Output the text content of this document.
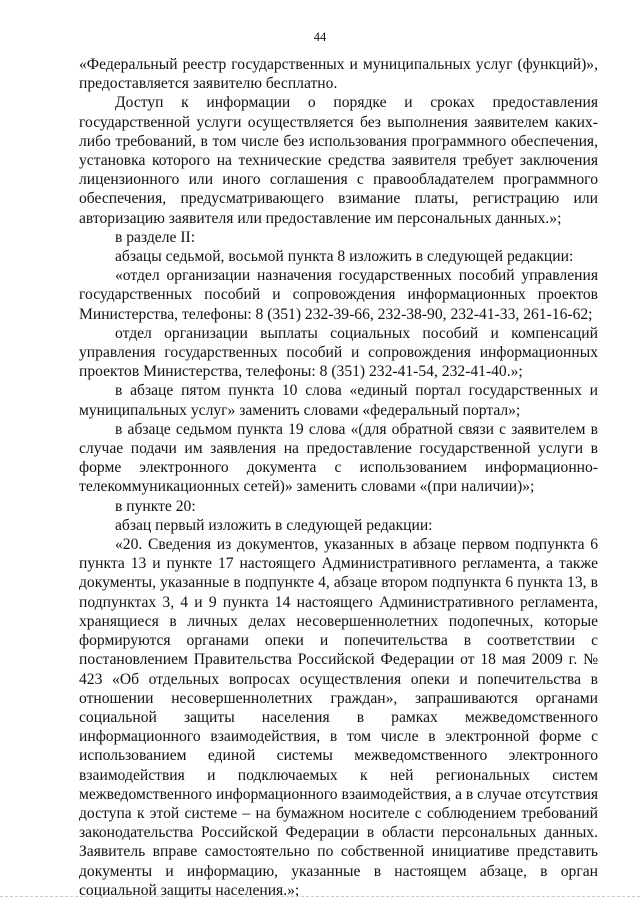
44

«Федеральный реестр государственных и муниципальных услуг (функций)», предоставляется заявителю бесплатно.

Доступ к информации о порядке и сроках предоставления государственной услуги осуществляется без выполнения заявителем каких-либо требований, в том числе без использования программного обеспечения, установка которого на технические средства заявителя требует заключения лицензионного или иного соглашения с правообладателем программного обеспечения, предусматривающего взимание платы, регистрацию или авторизацию заявителя или предоставление им персональных данных.»;

в разделе II:

абзацы седьмой, восьмой пункта 8 изложить в следующей редакции:

«отдел организации назначения государственных пособий управления государственных пособий и сопровождения информационных проектов Министерства, телефоны: 8 (351) 232-39-66, 232-38-90, 232-41-33, 261-16-62;

отдел организации выплаты социальных пособий и компенсаций управления государственных пособий и сопровождения информационных проектов Министерства, телефоны: 8 (351) 232-41-54, 232-41-40.»;

в абзаце пятом пункта 10 слова «единый портал государственных и муниципальных услуг» заменить словами «федеральный портал»;

в абзаце седьмом пункта 19 слова «(для обратной связи с заявителем в случае подачи им заявления на предоставление государственной услуги в форме электронного документа с использованием информационно-телекоммуникационных сетей)» заменить словами «(при наличии)»;

в пункте 20:

абзац первый изложить в следующей редакции:

«20. Сведения из документов, указанных в абзаце первом подпункта 6 пункта 13 и пункте 17 настоящего Административного регламента, а также документы, указанные в подпункте 4, абзаце втором подпункта 6 пункта 13, в подпунктах 3, 4 и 9 пункта 14 настоящего Административного регламента, хранящиеся в личных делах несовершеннолетних подопечных, которые формируются органами опеки и попечительства в соответствии с постановлением Правительства Российской Федерации от 18 мая 2009 г. № 423 «Об отдельных вопросах осуществления опеки и попечительства в отношении несовершеннолетних граждан», запрашиваются органами социальной защиты населения в рамках межведомственного информационного взаимодействия, в том числе в электронной форме с использованием единой системы межведомственного электронного взаимодействия и подключаемых к ней региональных систем межведомственного информационного взаимодействия, а в случае отсутствия доступа к этой системе – на бумажном носителе с соблюдением требований законодательства Российской Федерации в области персональных данных. Заявитель вправе самостоятельно по собственной инициативе представить документы и информацию, указанные в настоящем абзаце, в орган социальной защиты населения.»;
